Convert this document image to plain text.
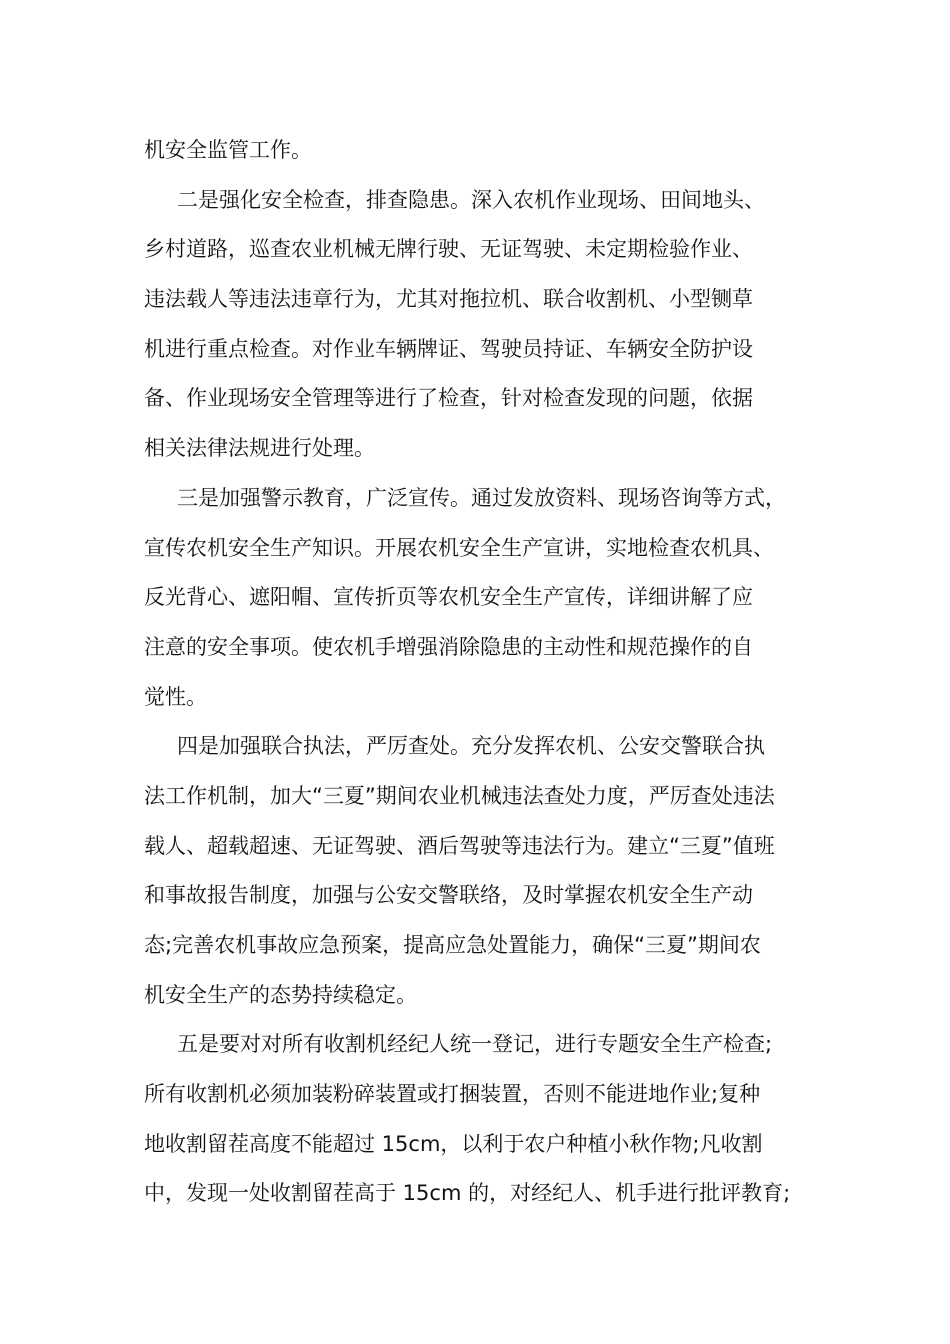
机安全监管工作。
二是强化安全检查，排查隐患。深入农机作业现场、田间地头、
乡村道路，巡查农业机械无牌行驶、无证驾驶、未定期检验作业、
违法载人等违法违章行为，尤其对拖拉机、联合收割机、小型铡草
机进行重点检查。对作业车辆牌证、驾驶员持证、车辆安全防护设
备、作业现场安全管理等进行了检查，针对检查发现的问题，依据
相关法律法规进行处理。
三是加强警示教育，广泛宣传。通过发放资料、现场咨询等方式，
宣传农机安全生产知识。开展农机安全生产宣讲，实地检查农机具、
反光背心、遮阳帽、宣传折页等农机安全生产宣传，详细讲解了应
注意的安全事项。使农机手增强消除隐患的主动性和规范操作的自
觉性。
四是加强联合执法，严厉查处。充分发挥农机、公安交警联合执
法工作机制，加大“三夏”期间农业机械违法查处力度，严厉查处违法
载人、超载超速、无证驾驶、酒后驾驶等违法行为。建立“三夏”值班
和事故报告制度，加强与公安交警联络，及时掌握农机安全生产动
态;完善农机事故应急预案，提高应急处置能力，确保“三夏”期间农
机安全生产的态势持续稳定。
五是要对对所有收割机经纪人统一登记，进行专题安全生产检查;
所有收割机必须加装粉碎装置或打捆装置，否则不能进地作业;复种
地收割留茬高度不能超过 15cm，以利于农户种植小秋作物;凡收割
中，发现一处收割留茬高于 15cm 的，对经纪人、机手进行批评教育;
